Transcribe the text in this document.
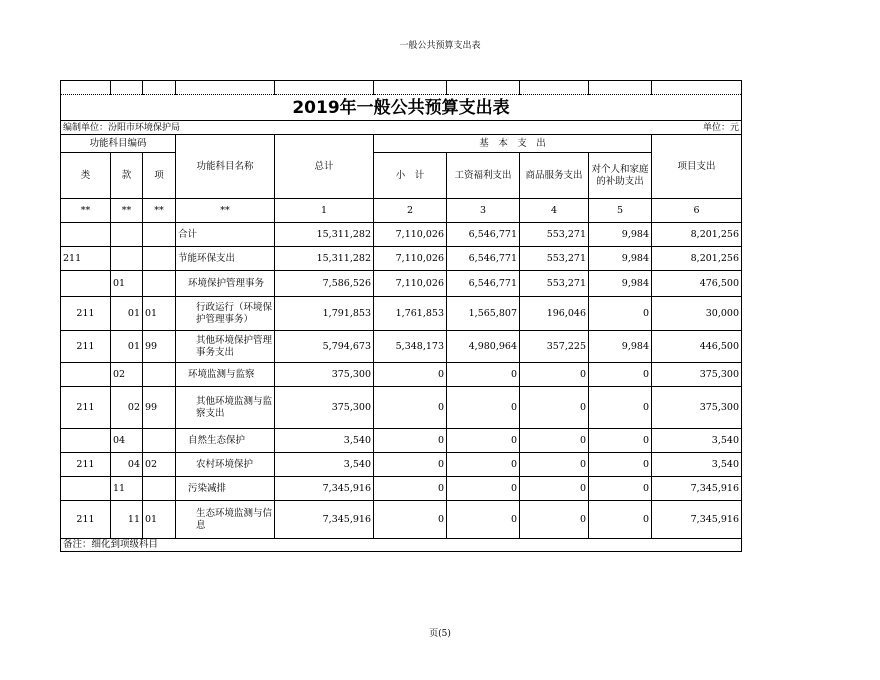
一般公共预算支出表

2019年一般公共预算支出表									
编制单位：汾阳市环境保护局									单位：元
功能科目编码			功能科目名称	总计	基　本　支　出				项目支出
类	款	项			小　计	工资福利支出	商品服务支出	对个人和家庭的补助支出	
**	**	**	**	1	2	3	4	5	6
			合计	15,311,282	7,110,026	6,546,771	553,271	9,984	8,201,256
211			节能环保支出	15,311,282	7,110,026	6,546,771	553,271	9,984	8,201,256
	01		环境保护管理事务	7,586,526	7,110,026	6,546,771	553,271	9,984	476,500
211	01	01	行政运行（环境保护管理事务）	1,791,853	1,761,853	1,565,807	196,046	0	30,000
211	01	99	其他环境保护管理事务支出	5,794,673	5,348,173	4,980,964	357,225	9,984	446,500
	02		环境监测与监察	375,300	0	0	0	0	375,300
211	02	99	其他环境监测与监察支出	375,300	0	0	0	0	375,300
	04		自然生态保护	3,540	0	0	0	0	3,540
211	04	02	农村环境保护	3,540	0	0	0	0	3,540
	11		污染减排	7,345,916	0	0	0	0	7,345,916
211	11	01	生态环境监测与信息	7,345,916	0	0	0	0	7,345,916
备注：细化到项级科目									
页(5)
